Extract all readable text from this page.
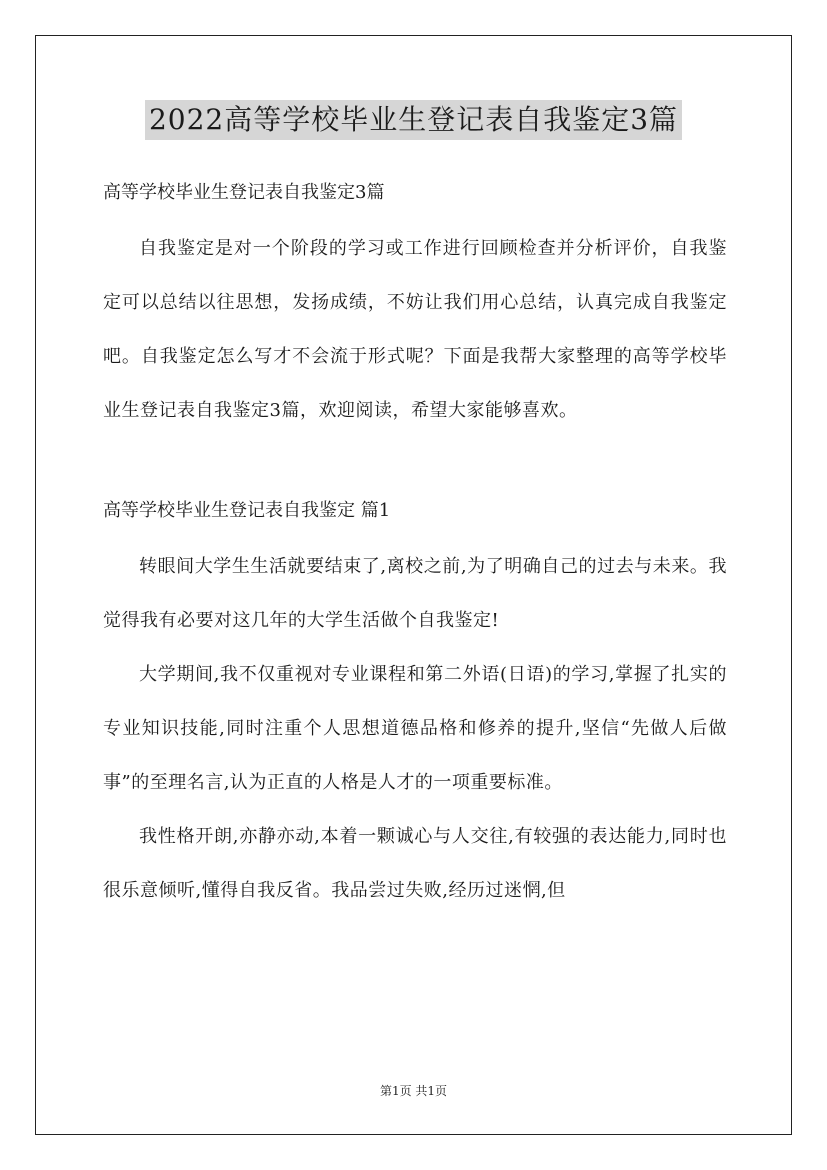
2022高等学校毕业生登记表自我鉴定3篇

高等学校毕业生登记表自我鉴定3篇

自我鉴定是对一个阶段的学习或工作进行回顾检查并分析评价，自我鉴定可以总结以往思想，发扬成绩，不妨让我们用心总结，认真完成自我鉴定吧。自我鉴定怎么写才不会流于形式呢？下面是我帮大家整理的高等学校毕业生登记表自我鉴定3篇，欢迎阅读，希望大家能够喜欢。

高等学校毕业生登记表自我鉴定 篇1

转眼间大学生生活就要结束了,离校之前,为了明确自己的过去与未来。我觉得我有必要对这几年的大学生活做个自我鉴定!

大学期间,我不仅重视对专业课程和第二外语(日语)的学习,掌握了扎实的专业知识技能,同时注重个人思想道德品格和修养的提升,坚信“先做人后做事”的至理名言,认为正直的人格是人才的一项重要标准。

我性格开朗,亦静亦动,本着一颗诚心与人交往,有较强的表达能力,同时也很乐意倾听,懂得自我反省。我品尝过失败,经历过迷惘,但

第1页 共1页
